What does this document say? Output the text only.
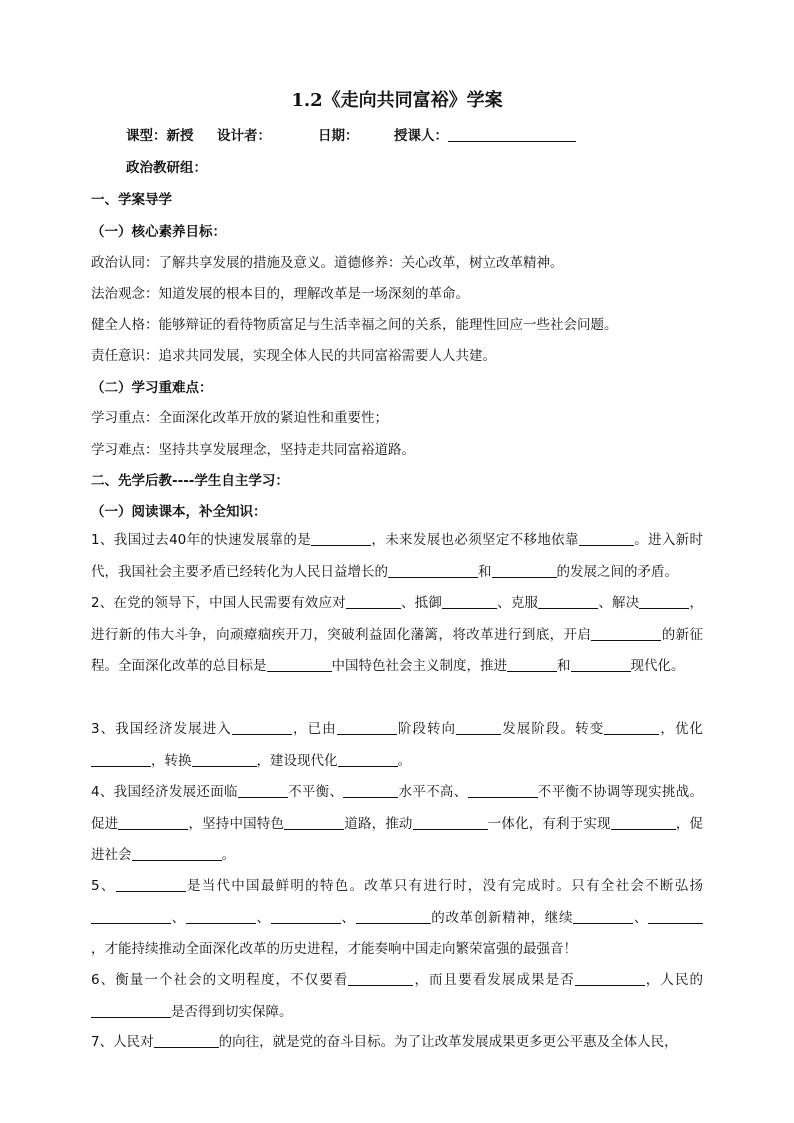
1.2《走向共同富裕》学案
课型：新授 设计者：	日期：	授课人：
政治教研组：
一、学案导学
（一）核心素养目标：
政治认同：了解共享发展的措施及意义。道德修养：关心改革，树立改革精神。
法治观念：知道发展的根本目的，理解改革是一场深刻的革命。
健全人格：能够辩证的看待物质富足与生活幸福之间的关系，能理性回应一些社会问题。
责任意识：追求共同发展，实现全体人民的共同富裕需要人人共建。
（二）学习重难点：
学习重点：全面深化改革开放的紧迫性和重要性；
学习难点：坚持共享发展理念，坚持走共同富裕道路。
二、先学后教----学生自主学习：
（一）阅读课本，补全知识：
1、我国过去40年的快速发展靠的是	，未来发展也必须坚定不移地依靠	。进入新时代，我国社会主要矛盾已经转化为人民日益增长的	和	的发展之间的矛盾。
2、在党的领导下，中国人民需要有效应对	、抵御	、克服	、解决	，进行新的伟大斗争，向顽瘴痼疾开刀，突破利益固化藩篱，将改革进行到底，开启	的新征程。全面深化改革的总目标是	中国特色社会主义制度，推进	和	现代化。
3、我国经济发展进入	，已由	阶段转向	发展阶段。转变	，优化，转换	，建设现代化	。
4、我国经济发展还面临	不平衡、	水平不高、	不平衡不协调等现实挑战。促进	，坚持中国特色	道路，推动	一体化，有利于实现	，促进社会	。
5、	是当代中国最鲜明的特色。改革只有进行时，没有完成时。只有全社会不断弘扬、	、	、	的改革创新精神，继续	、，才能持续推动全面深化改革的历史进程，才能奏响中国走向繁荣富强的最强音！
6、衡量一个社会的文明程度，不仅要看	，而且要看发展成果是否	，人民的是否得到切实保障。
7、人民对	的向往，就是党的奋斗目标。为了让改革发展成果更多更公平惠及全体人民，
